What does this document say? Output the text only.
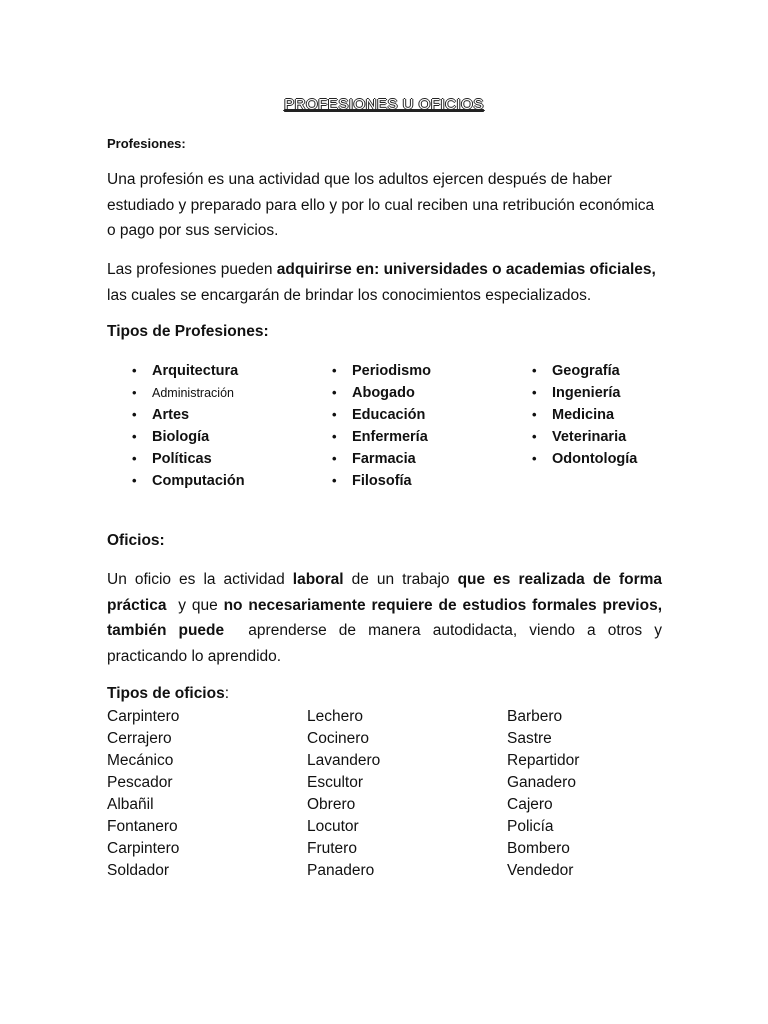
PROFESIONES U OFICIOS
Profesiones:
Una profesión es una actividad que los adultos ejercen después de haber estudiado y preparado para ello y por lo cual reciben una retribución económica o pago por sus servicios.
Las profesiones pueden adquirirse en: universidades o academias oficiales, las cuales se encargarán de brindar los conocimientos especializados.
Tipos de Profesiones:
• Arquitectura
• Administración
• Artes
• Biología
• Políticas
• Computación
• Periodismo
• Abogado
• Educación
• Enfermería
• Farmacia
• Filosofía
• Geografía
• Ingeniería
• Medicina
• Veterinaria
• Odontología
Oficios:
Un oficio es la actividad laboral de un trabajo que es realizada de forma práctica  y que no necesariamente requiere de estudios formales previos, también puede  aprenderse de manera autodidacta, viendo a otros y practicando lo aprendido.
Tipos de oficios:
Carpintero
Cerrajero
Mecánico
Pescador
Albañil
Fontanero
Carpintero
Soldador
Lechero
Cocinero
Lavandero
Escultor
Obrero
Locutor
Frutero
Panadero
Barbero
Sastre
Repartidor
Ganadero
Cajero
Policía
Bombero
Vendedor
